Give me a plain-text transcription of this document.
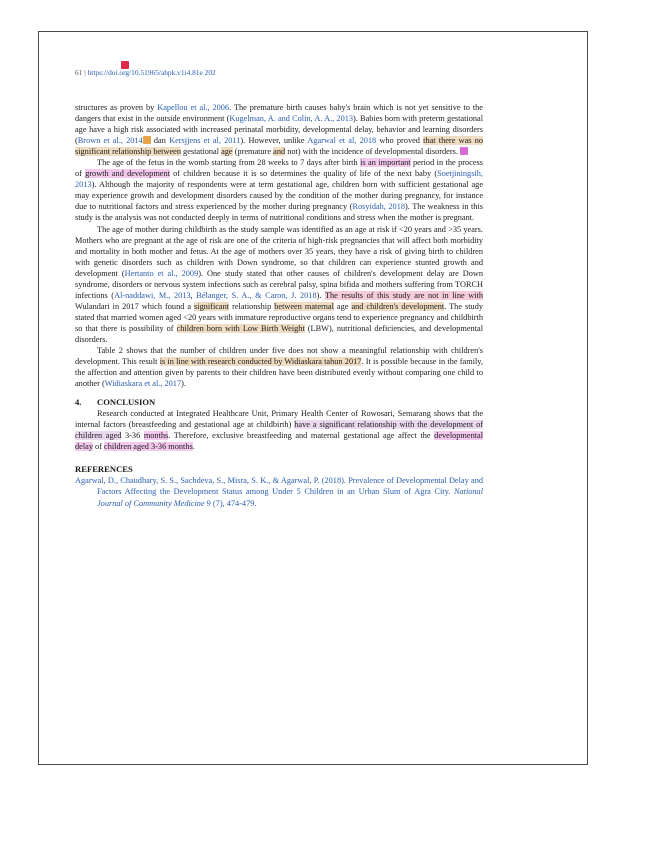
61 | https://doi.org/10.51965/ahpk.v1i4.81e 202

structures as proven by Kapellou et al., 2006. The premature birth causes baby's brain which is not yet sensitive to the dangers that exist in the outside environment (Kugelman, A. and Colin, A. A., 2013). Babies born with preterm gestational age have a high risk associated with increased perinatal morbidity, developmental delay, behavior and learning disorders (Brown et al., 2014 dan Kersjjens et al, 2011). However, unlike Agarwal et al, 2018 who proved that there was no significant relationship between gestational age (premature and not) with the incidence of developmental disorders.

The age of the fetus in the womb starting from 28 weeks to 7 days after birth is an important period in the process of growth and development of children because it is so determines the quality of life of the next baby (Soetjiningsih, 2013). Although the majority of respondents were at term gestational age, children born with sufficient gestational age may experience growth and development disorders caused by the condition of the mother during pregnancy, for instance due to nutritional factors and stress experienced by the mother during pregnancy (Rosyidah, 2018). The weakness in this study is the analysis was not conducted deeply in terms of nutritional conditions and stress when the mother is pregnant.

The age of mother during childbirth as the study sample was identified as an age at risk if <20 years and >35 years. Mothers who are pregnant at the age of risk are one of the criteria of high-risk pregnancies that will affect both morbidity and mortality in both mother and fetus. At the age of mothers over 35 years, they have a risk of giving birth to children with genetic disorders such as children with Down syndrome, so that children can experience stunted growth and development (Hertanto et al., 2009). One study stated that other causes of children's development delay are Down syndrome, disorders or nervous system infections such as cerebral palsy, spina bifida and mothers suffering from TORCH infections (Al-naddawi, M., 2013, Bélanger, S. A., & Caron, J. 2018). The results of this study are not in line with Wulandari in 2017 which found a significant relationship between maternal age and children's development. The study stated that married women aged <20 years with immature reproductive organs tend to experience pregnancy and childbirth so that there is possibility of children born with Low Birth Weight (LBW), nutritional deficiencies, and developmental disorders.

Table 2 shows that the number of children under five does not show a meaningful relationship with children's development. This result is in line with research conducted by Widiaskara tahun 2017. It is possible because in the family, the affection and attention given by parents to their children have been distributed evenly without comparing one child to another (Widiaskara et al., 2017).

4. CONCLUSION

Research conducted at Integrated Healthcare Unit, Primary Health Center of Rowosari, Semarang shows that the internal factors (breastfeeding and gestational age at childbirth) have a significant relationship with the development of children aged 3-36 months. Therefore, exclusive breastfeeding and maternal gestational age affect the developmental delay of children aged 3-36 months.

REFERENCES

Agarwal, D., Chaudhary, S. S., Sachdeva, S., Misra, S. K., & Agarwal, P. (2018). Prevalence of Developmental Delay and Factors Affecting the Development Status among Under 5 Children in an Urban Slum of Agra City. National Journal of Community Medicine 9 (7), 474-479.
